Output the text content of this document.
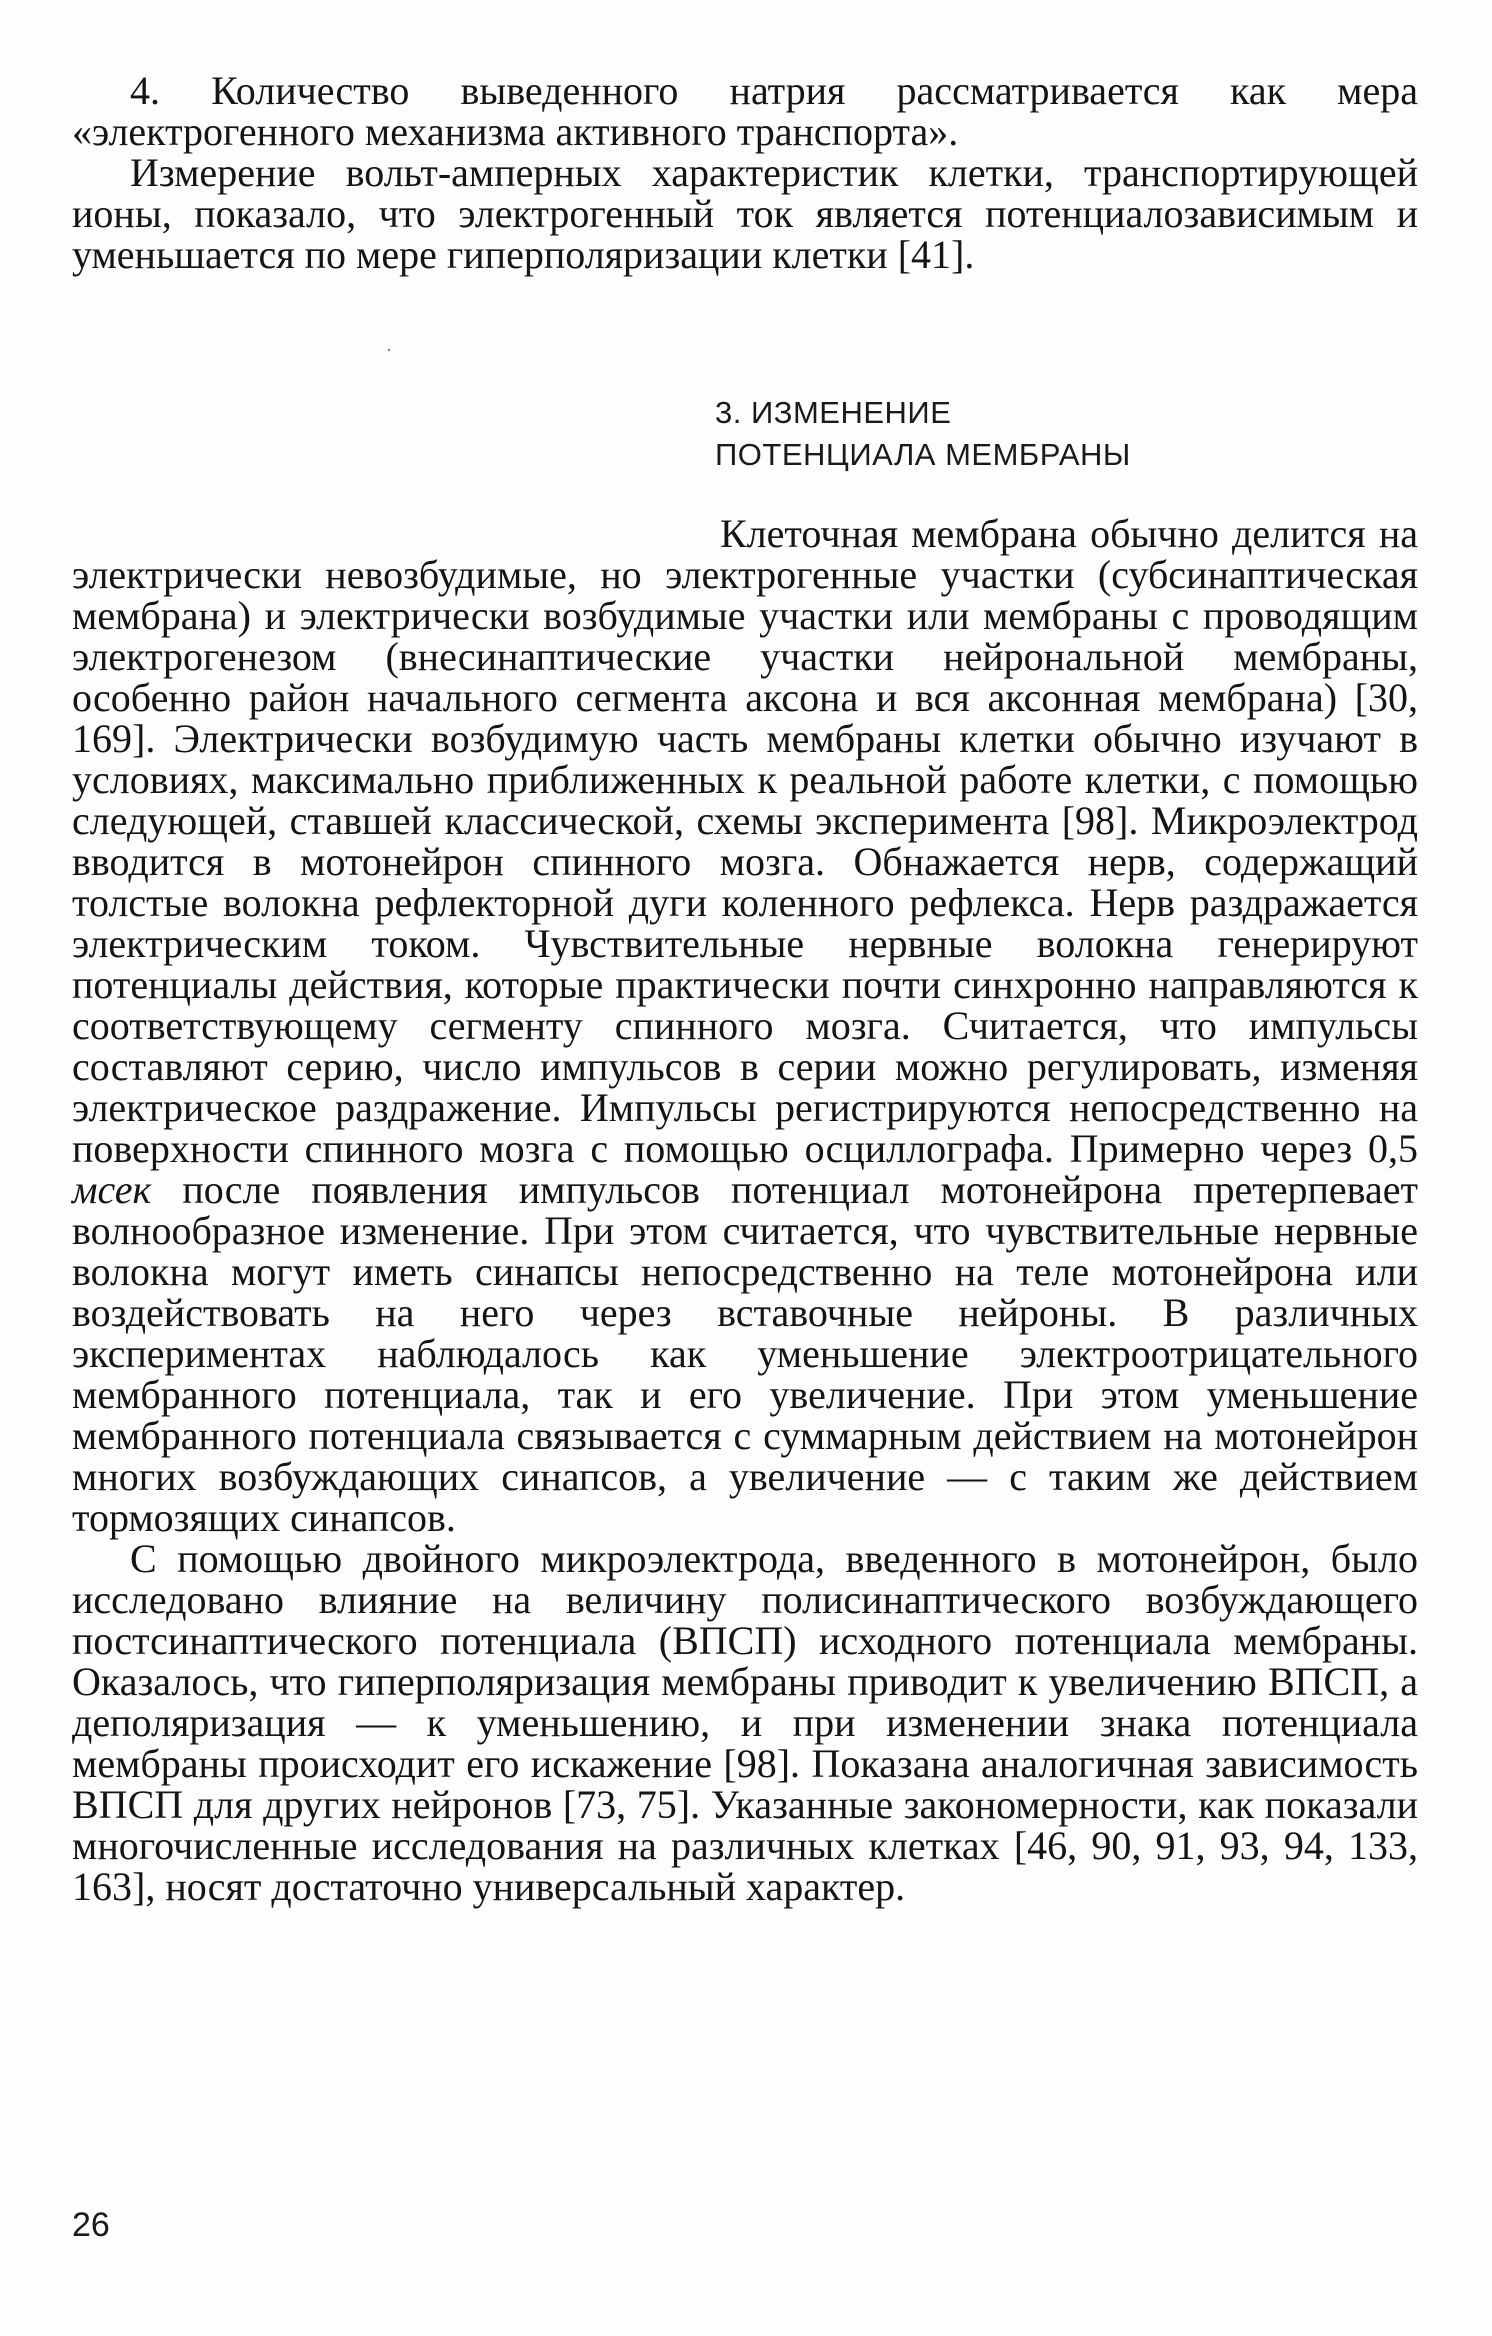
4. Количество выведенного натрия рассматривается как мера «электрогенного механизма активного транспорта».

Измерение вольт-амперных характеристик клетки, транспортирующей ионы, показало, что электрогенный ток является потенциалозависимым и уменьшается по мере гиперполяризации клетки [41].

3. ИЗМЕНЕНИЕ
ПОТЕНЦИАЛА МЕМБРАНЫ

Клеточная мембрана обычно делится на электрически невозбудимые, но электрогенные участки (субсинаптическая мембрана) и электрически возбудимые участки или мембраны с проводящим электрогенезом (внесинаптические участки нейрональной мембраны, особенно район начального сегмента аксона и вся аксонная мембрана) [30, 169]. Электрически возбудимую часть мембраны клетки обычно изучают в условиях, максимально приближенных к реальной работе клетки, с помощью следующей, ставшей классической, схемы эксперимента [98]. Микроэлектрод вводится в мотонейрон спинного мозга. Обнажается нерв, содержащий толстые волокна рефлекторной дуги коленного рефлекса. Нерв раздражается электрическим током. Чувствительные нервные волокна генерируют потенциалы действия, которые практически почти синхронно направляются к соответствующему сегменту спинного мозга. Считается, что импульсы составляют серию, число импульсов в серии можно регулировать, изменяя электрическое раздражение. Импульсы регистрируются непосредственно на поверхности спинного мозга с помощью осциллографа. Примерно через 0,5 мсек после появления импульсов потенциал мотонейрона претерпевает волнообразное изменение. При этом считается, что чувствительные нервные волокна могут иметь синапсы непосредственно на теле мотонейрона или воздействовать на него через вставочные нейроны. В различных экспериментах наблюдалось как уменьшение электроотрицательного мембранного потенциала, так и его увеличение. При этом уменьшение мембранного потенциала связывается с суммарным действием на мотонейрон многих возбуждающих синапсов, а увеличение — с таким же действием тормозящих синапсов.

С помощью двойного микроэлектрода, введенного в мотонейрон, было исследовано влияние на величину полисинаптического возбуждающего постсинаптического потенциала (ВПСП) исходного потенциала мембраны. Оказалось, что гиперполяризация мембраны приводит к увеличению ВПСП, а деполяризация — к уменьшению, и при изменении знака потенциала мембраны происходит его искажение [98]. Показана аналогичная зависимость ВПСП для других нейронов [73, 75]. Указанные закономерности, как показали многочисленные исследования на различных клетках [46, 90, 91, 93, 94, 133, 163], носят достаточно универсальный характер.

26
